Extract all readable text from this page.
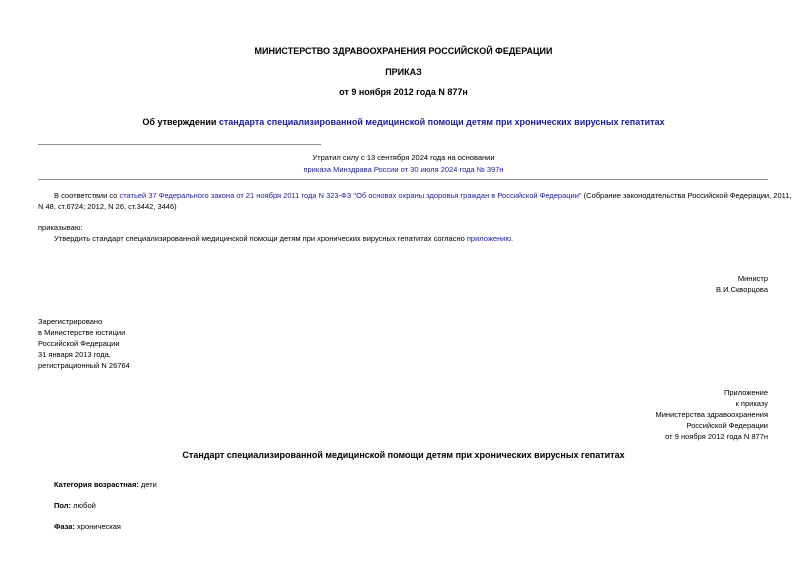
МИНИСТЕРСТВО ЗДРАВООХРАНЕНИЯ РОССИЙСКОЙ ФЕДЕРАЦИИ
ПРИКАЗ
от 9 ноября 2012 года N 877н
Об утверждении стандарта специализированной медицинской помощи детям при хронических вирусных гепатитах
Утратил силу с 13 сентября 2024 года на основании
приказа Минздрава России от 30 июля 2024 года № 397н
В соответствии со статьей 37 Федерального закона от 21 ноября 2011 года N 323-ФЗ "Об основах охраны здоровья граждан в Российской Федерации" (Собрание законодательства Российской Федерации, 2011,
N 48, ст.6724; 2012, N 26, ст.3442, 3446)
приказываю:
Утвердить стандарт специализированной медицинской помощи детям при хронических вирусных гепатитах согласно приложению.
Министр
В.И.Скворцова
Зарегистрировано
в Министерстве юстиции
Российской Федерации
31 января 2013 года,
регистрационный N 26764
Приложение
к приказу
Министерства здравоохранения
Российской Федерации
от 9 ноября 2012 года N 877н
Стандарт специализированной медицинской помощи детям при хронических вирусных гепатитах
Категория возрастная: дети
Пол: любой
Фаза: хроническая
